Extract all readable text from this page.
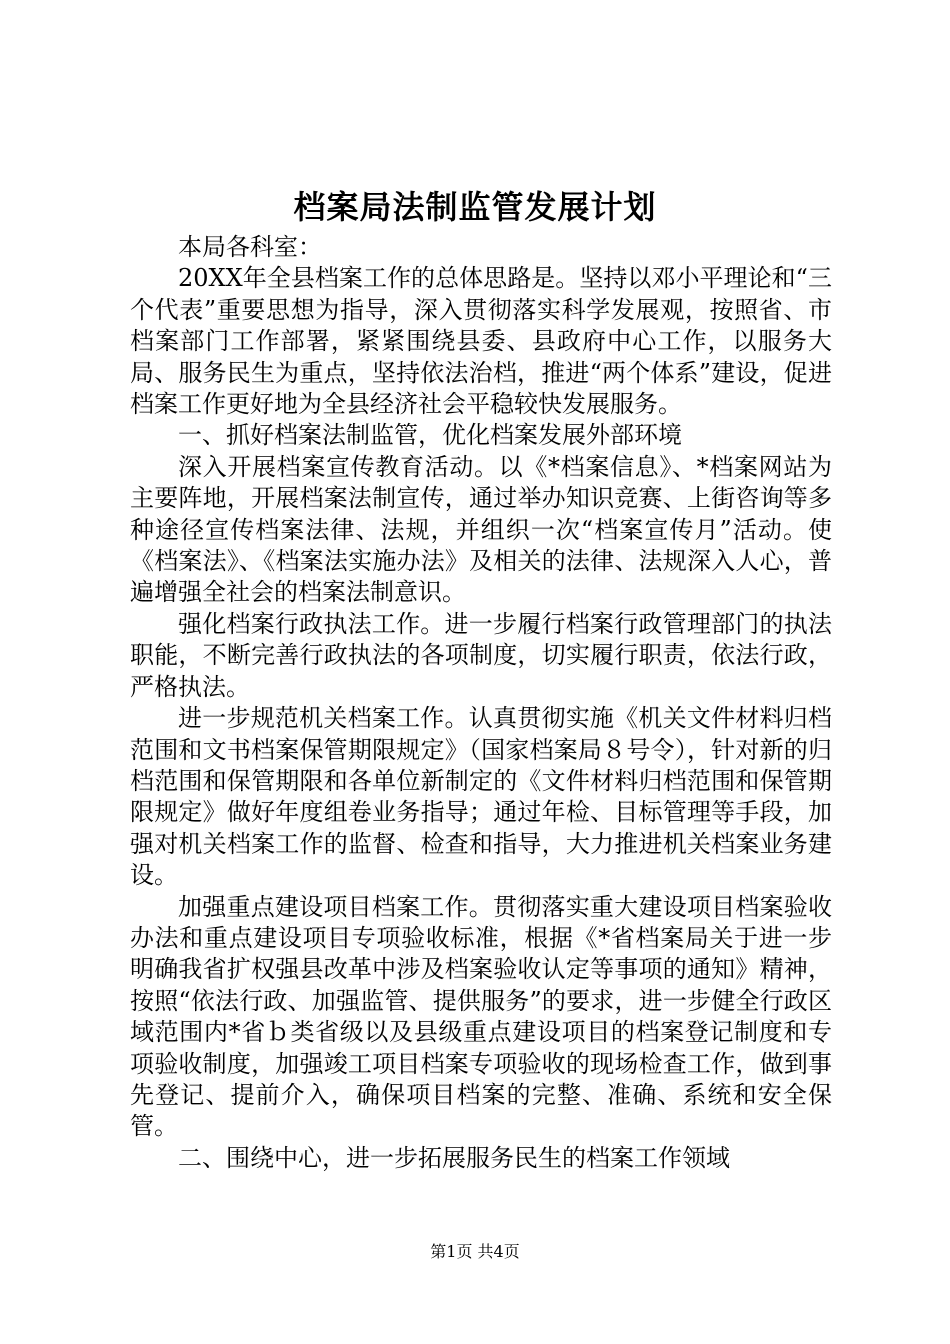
档案局法制监管发展计划

本局各科室：

20XX年全县档案工作的总体思路是。坚持以邓小平理论和“三个代表”重要思想为指导，深入贯彻落实科学发展观，按照省、市档案部门工作部署，紧紧围绕县委、县政府中心工作，以服务大局、服务民生为重点，坚持依法治档，推进“两个体系”建设，促进档案工作更好地为全县经济社会平稳较快发展服务。

一、抓好档案法制监管，优化档案发展外部环境

深入开展档案宣传教育活动。以《*档案信息》、*档案网站为主要阵地，开展档案法制宣传，通过举办知识竞赛、上街咨询等多种途径宣传档案法律、法规，并组织一次“档案宣传月”活动。使《档案法》、《档案法实施办法》及相关的法律、法规深入人心，普遍增强全社会的档案法制意识。

强化档案行政执法工作。进一步履行档案行政管理部门的执法职能，不断完善行政执法的各项制度，切实履行职责，依法行政，严格执法。

进一步规范机关档案工作。认真贯彻实施《机关文件材料归档范围和文书档案保管期限规定》（国家档案局８号令），针对新的归档范围和保管期限和各单位新制定的《文件材料归档范围和保管期限规定》做好年度组卷业务指导；通过年检、目标管理等手段，加强对机关档案工作的监督、检查和指导，大力推进机关档案业务建设。

加强重点建设项目档案工作。贯彻落实重大建设项目档案验收办法和重点建设项目专项验收标准，根据《*省档案局关于进一步明确我省扩权强县改革中涉及档案验收认定等事项的通知》精神，按照“依法行政、加强监管、提供服务”的要求，进一步健全行政区域范围内*省ｂ类省级以及县级重点建设项目的档案登记制度和专项验收制度，加强竣工项目档案专项验收的现场检查工作，做到事先登记、提前介入，确保项目档案的完整、准确、系统和安全保管。

二、围绕中心，进一步拓展服务民生的档案工作领域

第1页 共4页
